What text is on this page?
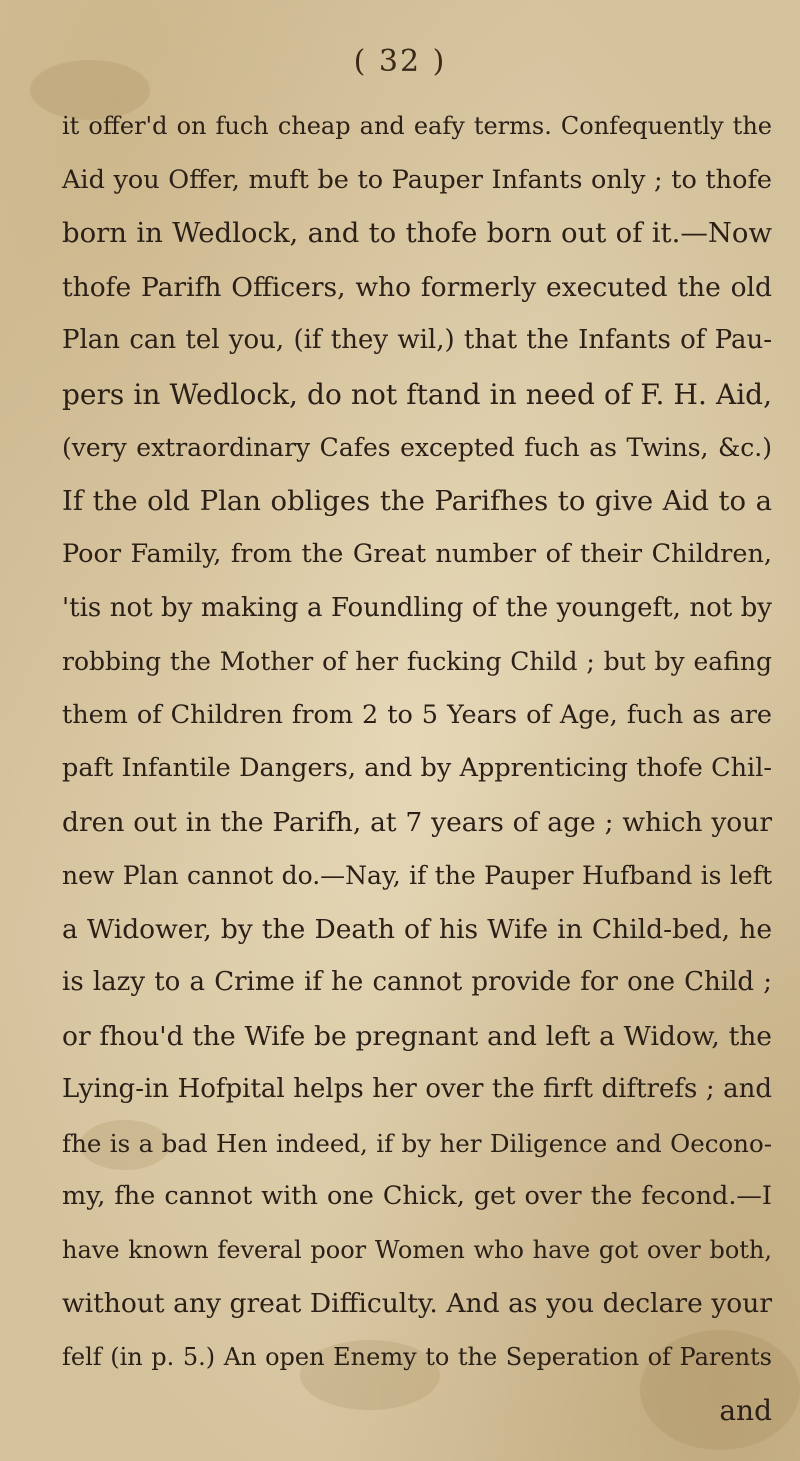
( 32 )
it offer'd on fuch cheap and eafy terms. Confequently the
Aid you Offer, muft be to Pauper Infants only ; to thofe
born in Wedlock, and to thofe born out of it.—Now
thofe Parifh Officers, who formerly executed the old
Plan can tel you, (if they wil,) that the Infants of Pau-
pers in Wedlock, do not ftand in need of F. H. Aid,
(very extraordinary Cafes excepted fuch as Twins, &c.)
If the old Plan obliges the Parifhes to give Aid to a
Poor Family, from the Great number of their Children,
'tis not by making a Foundling of the youngeft, not by
robbing the Mother of her fucking Child ; but by eafing
them of Children from 2 to 5 Years of Age, fuch as are
paft Infantile Dangers, and by Apprenticing thofe Chil-
dren out in the Parifh, at 7 years of age ; which your
new Plan cannot do.—Nay, if the Pauper Hufband is left
a Widower, by the Death of his Wife in Child-bed, he
is lazy to a Crime if he cannot provide for one Child ;
or fhou'd the Wife be pregnant and left a Widow, the
Lying-in Hofpital helps her over the firft diftrefs ; and
fhe is a bad Hen indeed, if by her Diligence and Oecono-
my, fhe cannot with one Chick, get over the fecond.—I
have known feveral poor Women who have got over both,
without any great Difficulty. And as you declare your
felf (in p. 5.) An open Enemy to the Seperation of Parents
and
